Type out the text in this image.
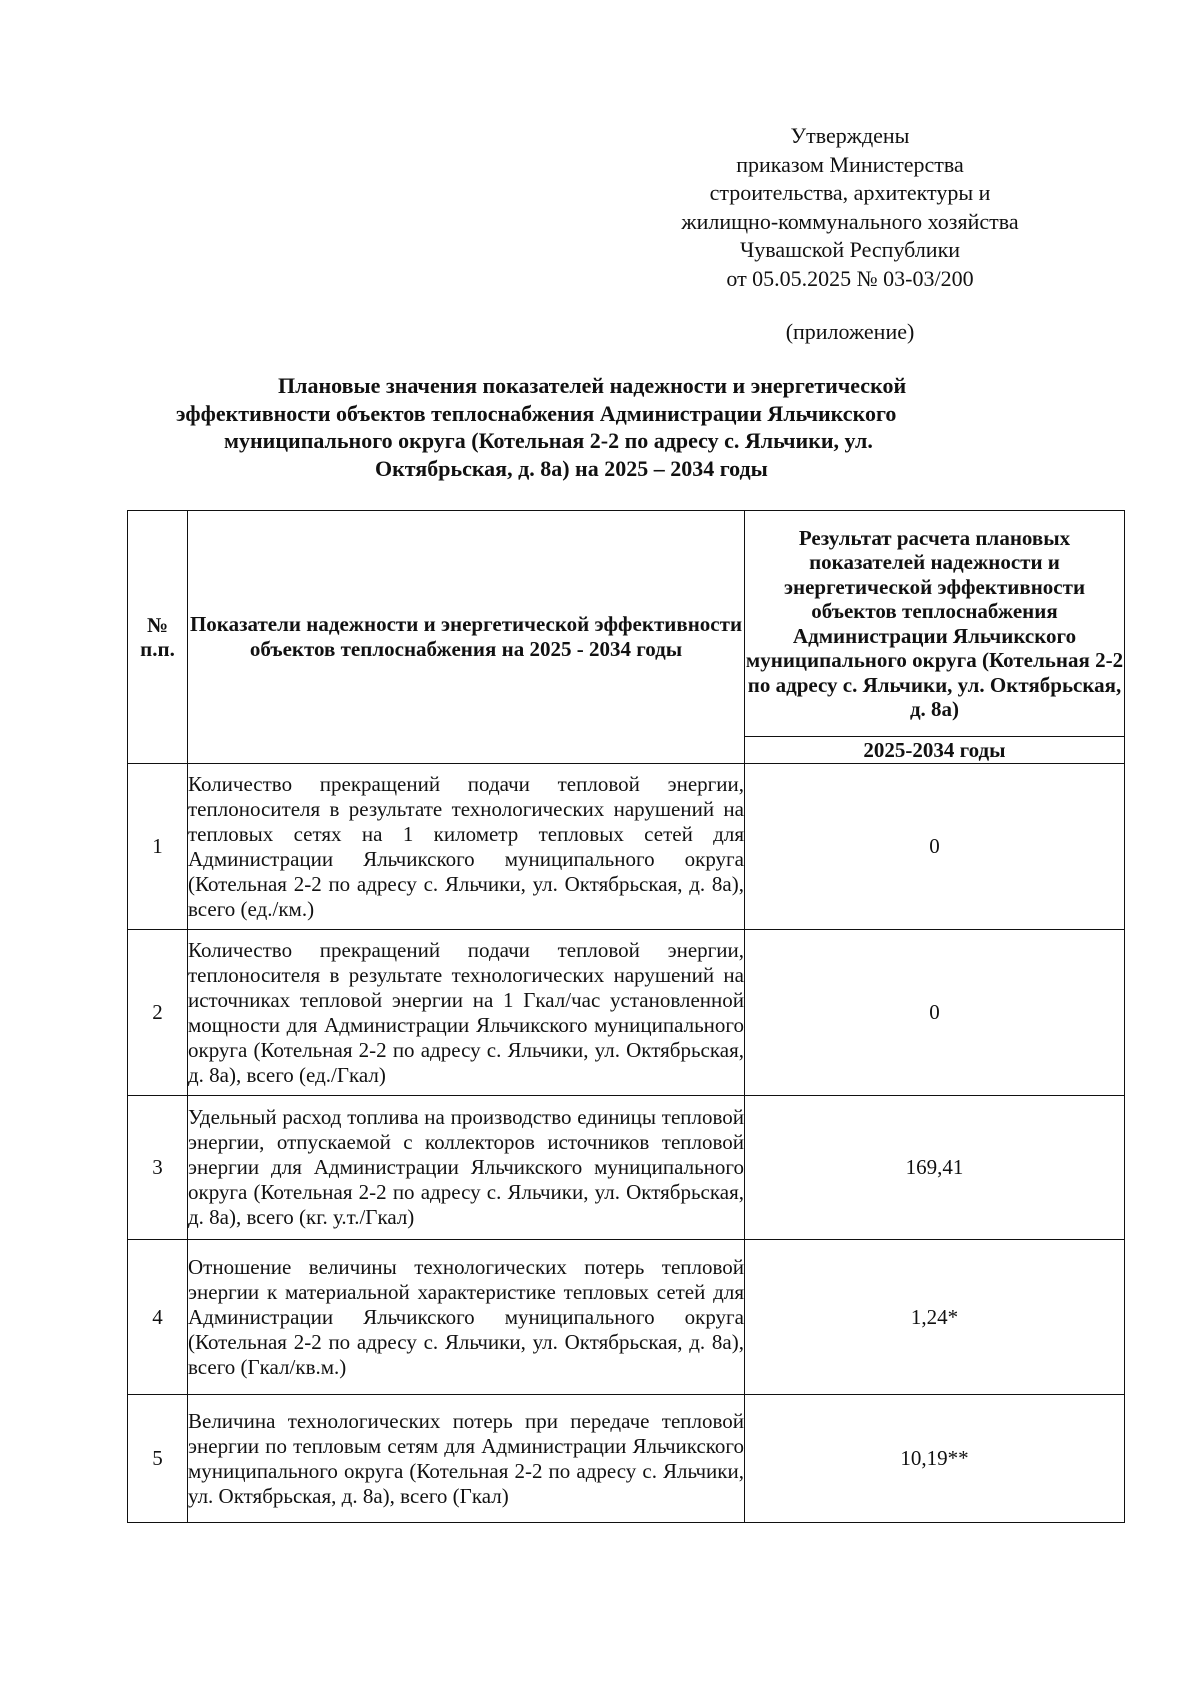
Утверждены
приказом Министерства
строительства, архитектуры и
жилищно-коммунального хозяйства
Чувашской Республики
от 05.05.2025 № 03-03/200
(приложение)
Плановые значения показателей надежности и энергетической
эффективности объектов теплоснабжения Администрации Яльчикского
муниципального округа (Котельная 2-2 по адресу с. Яльчики, ул.
Октябрьская, д. 8а) на 2025 – 2034 годы
№ п.п.	Показатели надежности и энергетической эффективности объектов теплоснабжения на 2025 - 2034 годы	Результат расчета плановых показателей надежности и энергетической эффективности объектов теплоснабжения Администрации Яльчикского муниципального округа (Котельная 2-2 по адресу с. Яльчики, ул. Октябрьская, д. 8а)
		2025-2034 годы
1	Количество прекращений подачи тепловой энергии, теплоносителя в результате технологических нарушений на тепловых сетях на 1 километр тепловых сетей для Администрации Яльчикского муниципального округа (Котельная 2-2 по адресу с. Яльчики, ул. Октябрьская, д. 8а), всего (ед./км.)	0
2	Количество прекращений подачи тепловой энергии, теплоносителя в результате технологических нарушений на источниках тепловой энергии на 1 Гкал/час установленной мощности для Администрации Яльчикского муниципального округа (Котельная 2-2 по адресу с. Яльчики, ул. Октябрьская, д. 8а), всего (ед./Гкал)	0
3	Удельный расход топлива на производство единицы тепловой энергии, отпускаемой с коллекторов источников тепловой энергии для Администрации Яльчикского муниципального округа (Котельная 2-2 по адресу с. Яльчики, ул. Октябрьская, д. 8а), всего (кг. у.т./Гкал)	169,41
4	Отношение величины технологических потерь тепловой энергии к материальной характеристике тепловых сетей для Администрации Яльчикского муниципального округа (Котельная 2-2 по адресу с. Яльчики, ул. Октябрьская, д. 8а), всего (Гкал/кв.м.)	1,24*
5	Величина технологических потерь при передаче тепловой энергии по тепловым сетям для Администрации Яльчикского муниципального округа (Котельная 2-2 по адресу с. Яльчики, ул. Октябрьская, д. 8а), всего (Гкал)	10,19**
